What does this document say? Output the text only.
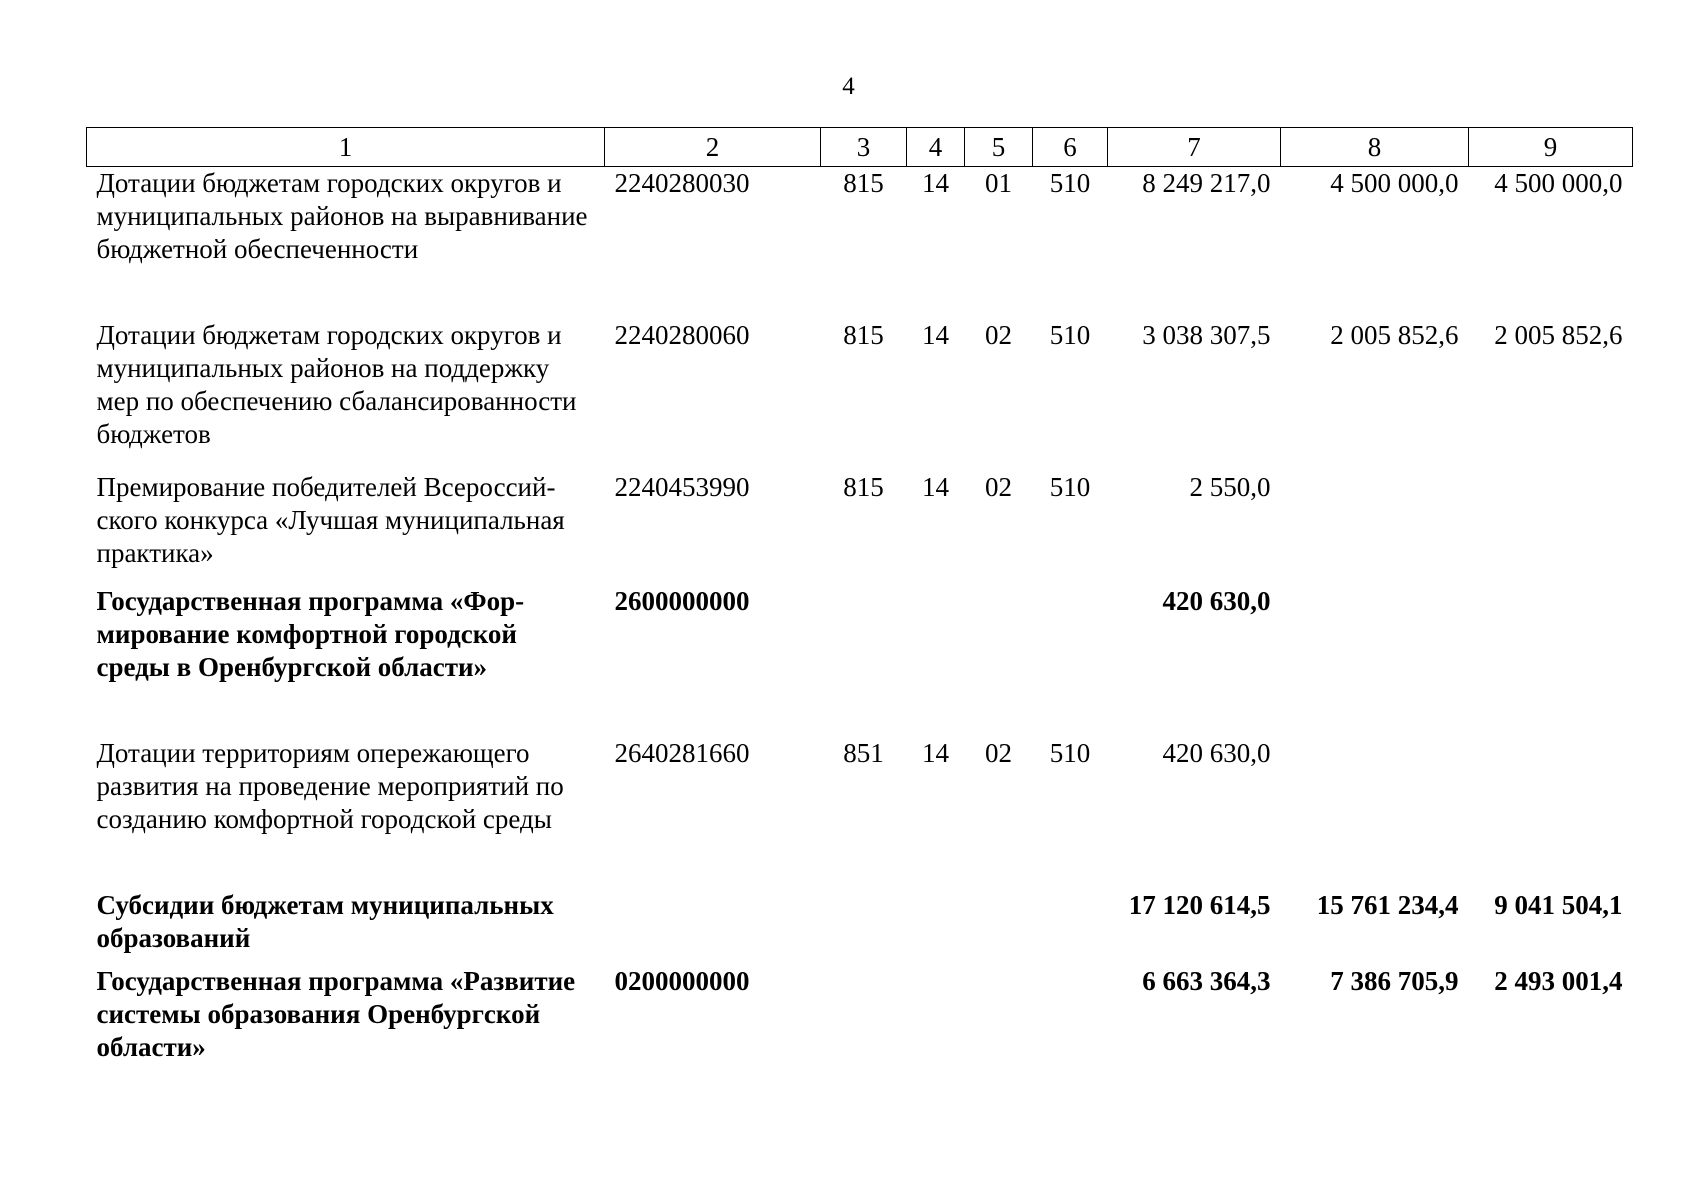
4
1	2	3	4	5	6	7	8	9
Дотации бюджетам городских округов и муниципальных районов на выравнивание бюджетной обеспеченности	2240280030	815	14	01	510	8 249 217,0	4 500 000,0	4 500 000,0
Дотации бюджетам городских округов и муниципальных районов на поддержку мер по обеспечению сбалансированности бюджетов	2240280060	815	14	02	510	3 038 307,5	2 005 852,6	2 005 852,6
Премирование победителей Всероссийского конкурса «Лучшая муниципальная практика»	2240453990	815	14	02	510	2 550,0		
Государственная программа «Формирование комфортной городской среды в Оренбургской области»	2600000000					420 630,0		
Дотации территориям опережающего развития на проведение мероприятий по созданию комфортной городской среды	2640281660	851	14	02	510	420 630,0		
Субсидии бюджетам муниципальных образований						17 120 614,5	15 761 234,4	9 041 504,1
Государственная программа «Развитие системы образования Оренбургской области»	0200000000					6 663 364,3	7 386 705,9	2 493 001,4
